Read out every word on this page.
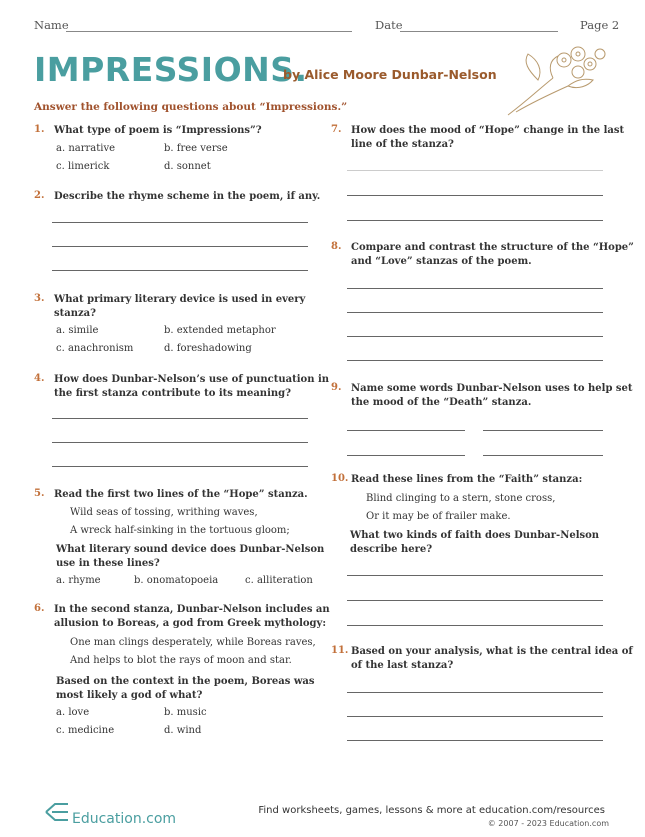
Name	Date	Page 2
IMPRESSIONS.
by Alice Moore Dunbar-Nelson
Answer the following questions about “Impressions.”
1. What type of poem is “Impressions”?
a. narrative	b. free verse
c. limerick	d. sonnet
2. Describe the rhyme scheme in the poem, if any.
3. What primary literary device is used in every
stanza?
a. simile	b. extended metaphor
c. anachronism	d. foreshadowing
4. How does Dunbar-Nelson’s use of punctuation in
the first stanza contribute to its meaning?
5. Read the first two lines of the “Hope” stanza.
Wild seas of tossing, writhing waves,
A wreck half-sinking in the tortuous gloom;
What literary sound device does Dunbar-Nelson
use in these lines?
a. rhyme	b. onomatopoeia	c. alliteration
6. In the second stanza, Dunbar-Nelson includes an
allusion to Boreas, a god from Greek mythology:
One man clings desperately, while Boreas raves,
And helps to blot the rays of moon and star.
Based on the context in the poem, Boreas was
most likely a god of what?
a. love	b. music
c. medicine	d. wind
7. How does the mood of “Hope” change in the last
line of the stanza?
8. Compare and contrast the structure of the “Hope”
and “Love” stanzas of the poem.
9. Name some words Dunbar-Nelson uses to help set
the mood of the “Death” stanza.
10. Read these lines from the “Faith” stanza:
Blind clinging to a stern, stone cross,
Or it may be of frailer make.
What two kinds of faith does Dunbar-Nelson
describe here?
11. Based on your analysis, what is the central idea of
of the last stanza?
Education.com
Find worksheets, games, lessons & more at education.com/resources
© 2007 - 2023 Education.com
